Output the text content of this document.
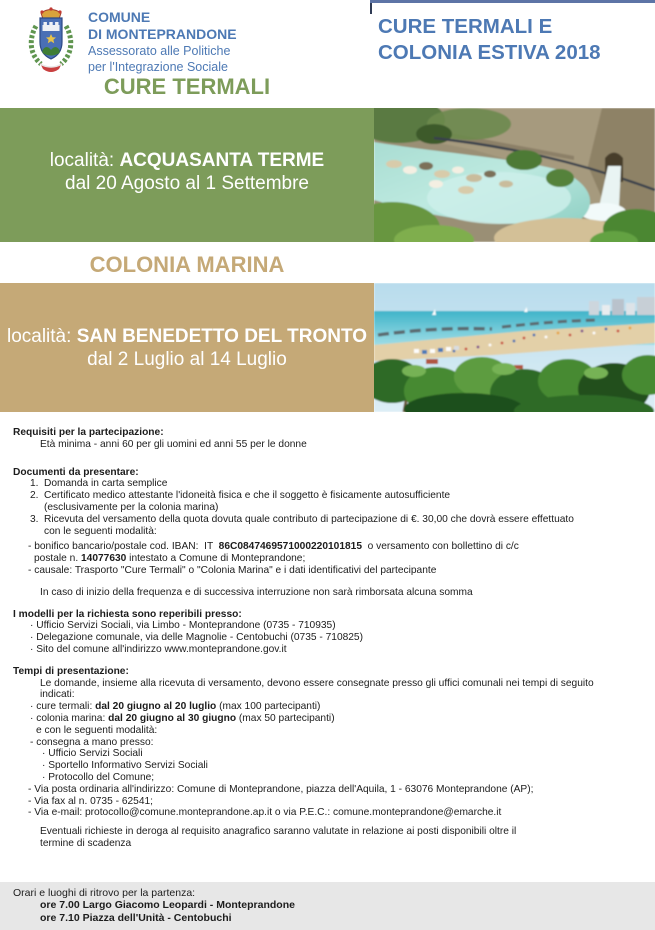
COMUNE
DI MONTEPRANDONE
Assessorato alle Politiche
per l'Integrazione Sociale
CURE TERMALI E
COLONIA ESTIVA 2018
CURE TERMALI
località: ACQUASANTA TERME
dal 20 Agosto al 1 Settembre
COLONIA MARINA
località: SAN BENEDETTO DEL TRONTO
dal 2 Luglio al 14 Luglio
Requisiti per la partecipazione:
Età minima - anni 60 per gli uomini ed anni 55 per le donne
Documenti da presentare:
1. Domanda in carta semplice
2. Certificato medico attestante l'idoneità fisica e che il soggetto è fisicamente autosufficiente
(esclusivamente per la colonia marina)
3. Ricevuta del versamento della quota dovuta quale contributo di partecipazione di €. 30,00 che dovrà essere effettuato
con le seguenti modalità:
- bonifico bancario/postale cod. IBAN:  IT  86C0847469571000220101815  o versamento con bollettino di c/c
postale n. 14077630 intestato a Comune di Monteprandone;
- causale: Trasporto "Cure Termali" o "Colonia Marina" e i dati identificativi del partecipante
In caso di inizio della frequenza e di successiva interruzione non sarà rimborsata alcuna somma
I modelli per la richiesta sono reperibili presso:
· Ufficio Servizi Sociali, via Limbo - Monteprandone (0735 - 710935)
· Delegazione comunale, via delle Magnolie - Centobuchi (0735 - 710825)
· Sito del comune all'indirizzo www.monteprandone.gov.it
Tempi di presentazione:
Le domande, insieme alla ricevuta di versamento, devono essere consegnate presso gli uffici comunali nei tempi di seguito
indicati:
· cure termali: dal 20 giugno al 20 luglio (max 100 partecipanti)
· colonia marina: dal 20 giugno al 30 giugno (max 50 partecipanti)
e con le seguenti modalità:
- consegna a mano presso:
· Ufficio Servizi Sociali
· Sportello Informativo Servizi Sociali
· Protocollo del Comune;
- Via posta ordinaria all'indirizzo: Comune di Monteprandone, piazza dell'Aquila, 1 - 63076 Monteprandone (AP);
- Via fax al n. 0735 - 62541;
- Via e-mail: protocollo@comune.monteprandone.ap.it o via P.E.C.: comune.monteprandone@emarche.it
Eventuali richieste in deroga al requisito anagrafico saranno valutate in relazione ai posti disponibili oltre il
termine di scadenza
Orari e luoghi di ritrovo per la partenza:
ore 7.00 Largo Giacomo Leopardi - Monteprandone
ore 7.10 Piazza dell'Unità - Centobuchi
